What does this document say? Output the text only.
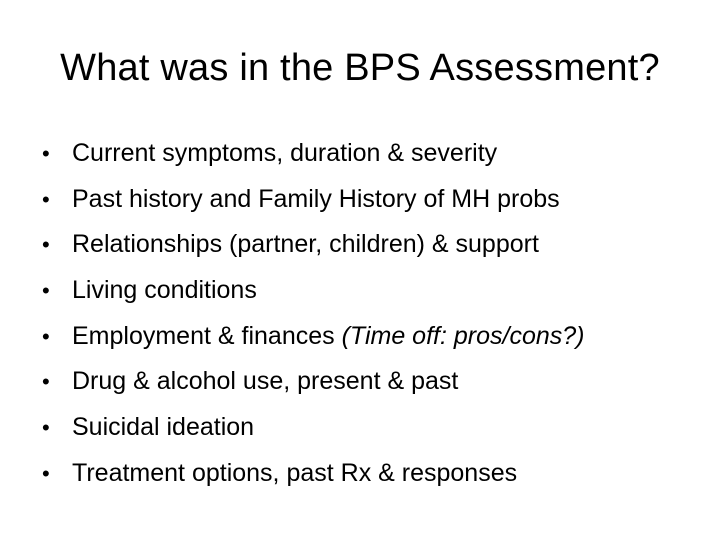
What was in the BPS Assessment?
• Current symptoms, duration & severity
• Past history and Family History of MH probs
• Relationships (partner, children) & support
• Living conditions
• Employment & finances (Time off: pros/cons?)
• Drug & alcohol use, present & past
• Suicidal ideation
• Treatment options, past Rx & responses
